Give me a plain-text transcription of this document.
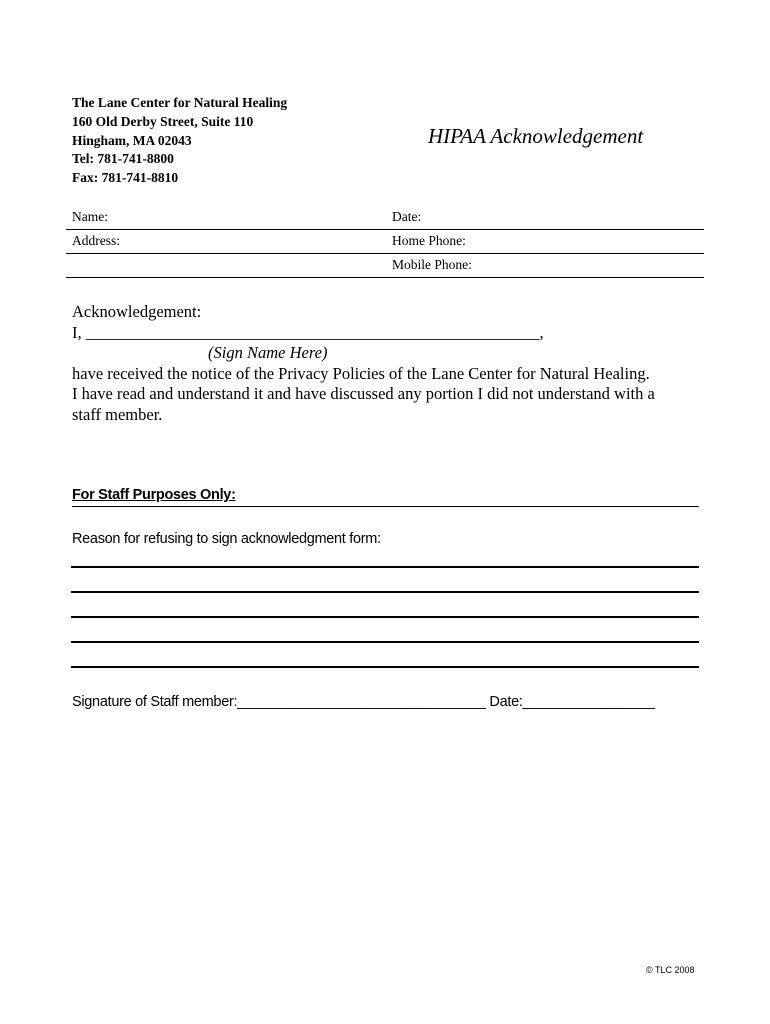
The Lane Center for Natural Healing
160 Old Derby Street, Suite 110
Hingham, MA 02043
Tel: 781-741-8800
Fax: 781-741-8810
HIPAA Acknowledgement
Name:	Date:
Address:	Home Phone:
Mobile Phone:
Acknowledgement:
I, _______________________________________________________,
(Sign Name Here)
have received the notice of the Privacy Policies of the Lane Center for Natural Healing.
I have read and understand it and have discussed any portion I did not understand with a
staff member.
For Staff Purposes Only:
Reason for refusing to sign acknowledgment form:
Signature of Staff member:________________________________ Date:_________________
© TLC 2008
